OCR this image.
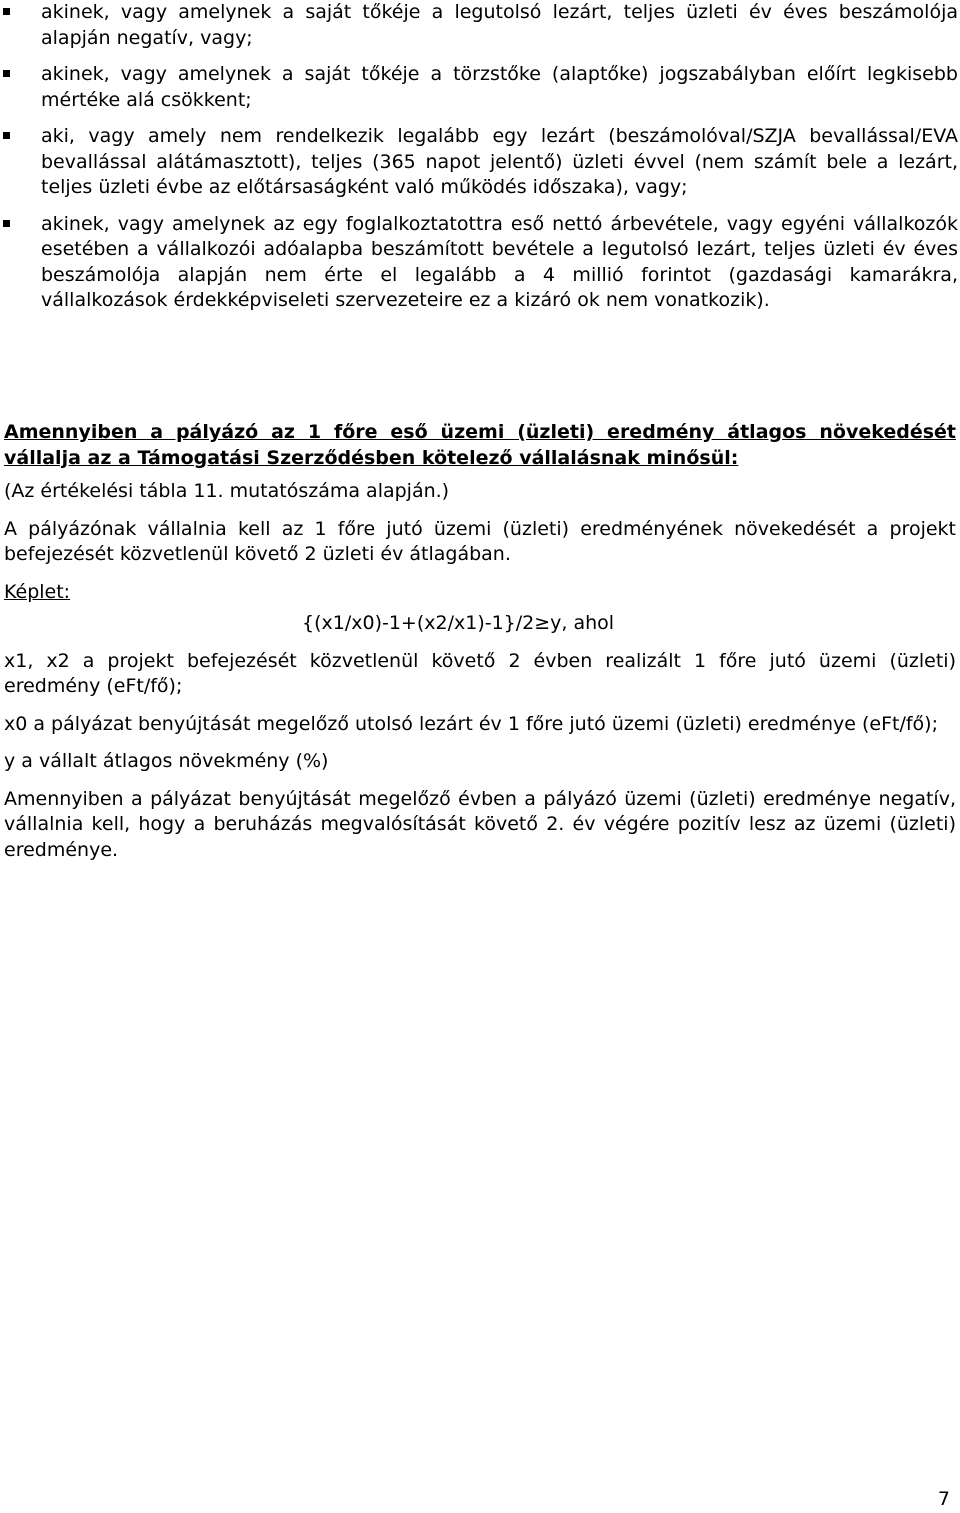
akinek, vagy amelynek a saját tőkéje a legutolsó lezárt, teljes üzleti év éves beszámolója alapján negatív, vagy;
akinek, vagy amelynek a saját tőkéje a törzstőke (alaptőke) jogszabályban előírt legkisebb mértéke alá csökkent;
aki, vagy amely nem rendelkezik legalább egy lezárt (beszámolóval/SZJA bevallással/EVA bevallással alátámasztott), teljes (365 napot jelentő) üzleti évvel (nem számít bele a lezárt, teljes üzleti évbe az előtársaságként való működés időszaka), vagy;
akinek, vagy amelynek az egy foglalkoztatottra eső nettó árbevétele, vagy egyéni vállalkozók esetében a vállalkozói adóalapba beszámított bevétele a legutolsó lezárt, teljes üzleti év éves beszámolója alapján nem érte el legalább a 4 millió forintot (gazdasági kamarákra, vállalkozások érdekképviseleti szervezeteire ez a kizáró ok nem vonatkozik).

Amennyiben a pályázó az 1 főre eső üzemi (üzleti) eredmény átlagos növekedését vállalja az a Támogatási Szerződésben kötelező vállalásnak minősül:

(Az értékelési tábla 11. mutatószáma alapján.)

A pályázónak vállalnia kell az 1 főre jutó üzemi (üzleti) eredményének növekedését a projekt befejezését közvetlenül követő 2 üzleti év átlagában.

Képlet:

{(x1/x0)-1+(x2/x1)-1}/2≥y, ahol

x1, x2 a projekt befejezését közvetlenül követő 2 évben realizált 1 főre jutó üzemi (üzleti) eredmény (eFt/fő);

x0 a pályázat benyújtását megelőző utolsó lezárt év 1 főre jutó üzemi (üzleti) eredménye (eFt/fő);

y a vállalt átlagos növekmény (%)

Amennyiben a pályázat benyújtását megelőző évben a pályázó üzemi (üzleti) eredménye negatív, vállalnia kell, hogy a beruházás megvalósítását követő 2. év végére pozitív lesz az üzemi (üzleti) eredménye.

7
